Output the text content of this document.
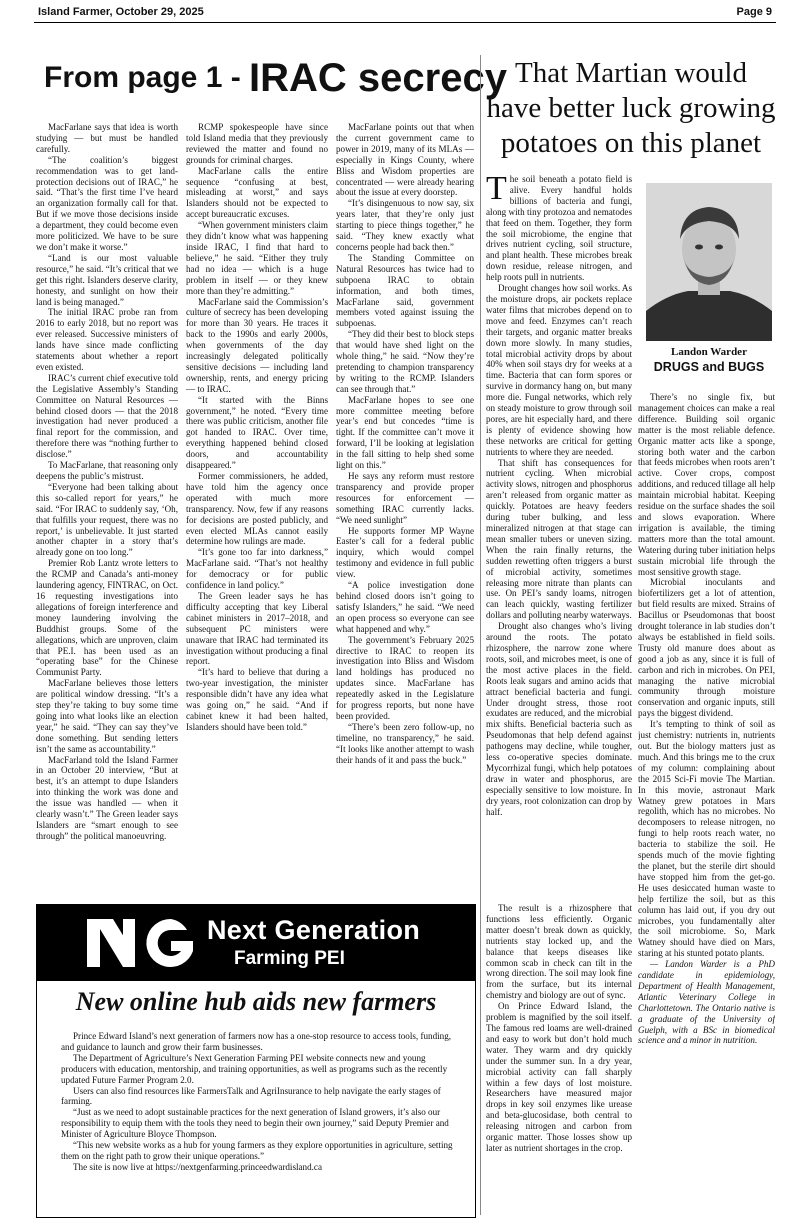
Island Farmer, October 29, 2025	Page 9
From page 1 - IRAC secrecy

MacFarlane says that idea is worth studying — but must be handled carefully.

“The coalition’s biggest recommendation was to get land-protection decisions out of IRAC,” he said. “That’s the first time I’ve heard an organization formally call for that. But if we move those decisions inside a department, they could become even more politicized. We have to be sure we don’t make it worse.”

“Land is our most valuable resource,” he said. “It’s critical that we get this right. Islanders deserve clarity, honesty, and sunlight on how their land is being managed.”

The initial IRAC probe ran from 2016 to early 2018, but no report was ever released. Successive ministers of lands have since made conflicting statements about whether a report even existed.

IRAC’s current chief executive told the Legislative Assembly’s Standing Committee on Natural Resources — behind closed doors — that the 2018 investigation had never produced a final report for the commission, and therefore there was “nothing further to disclose.”

To MacFarlane, that reasoning only deepens the public’s mistrust.

“Everyone had been talking about this so-called report for years,” he said. “For IRAC to suddenly say, ‘Oh, that fulfills your request, there was no report,’ is unbelievable. It just started another chapter in a story that’s already gone on too long.”

Premier Rob Lantz wrote letters to the RCMP and Canada’s anti-money laundering agency, FINTRAC, on Oct. 16 requesting investigations into allegations of foreign interference and money laundering involving the Buddhist groups. Some of the allegations, which are unproven, claim that PE.I. has been used as an “operating base” for the Chinese Communist Party.

MacFarlane believes those letters are political window dressing. “It’s a step they’re taking to buy some time going into what looks like an election year,” he said. “They can say they’ve done something. But sending letters isn’t the same as accountability.”

MacFarland told the Island Farmer in an October 20 interview, “But at best, it’s an attempt to dupe Islanders into thinking the work was done and the issue was handled — when it clearly wasn’t.” The Green leader says Islanders are “smart enough to see through” the political manoeuvring.

RCMP spokespeople have since told Island media that they previously reviewed the matter and found no grounds for criminal charges.

MacFarlane calls the entire sequence “confusing at best, misleading at worst,” and says Islanders should not be expected to accept bureaucratic excuses.

“When government ministers claim they didn’t know what was happening inside IRAC, I find that hard to believe,” he said. “Either they truly had no idea — which is a huge problem in itself — or they knew more than they’re admitting.”

MacFarlane said the Commission’s culture of secrecy has been developing for more than 30 years. He traces it back to the 1990s and early 2000s, when governments of the day increasingly delegated politically sensitive decisions — including land ownership, rents, and energy pricing — to IRAC.

“It started with the Binns government,” he noted. “Every time there was public criticism, another file got handed to IRAC. Over time, everything happened behind closed doors, and accountability disappeared.”

Former commissioners, he added, have told him the agency once operated with much more transparency. Now, few if any reasons for decisions are posted publicly, and even elected MLAs cannot easily determine how rulings are made.

“It’s gone too far into darkness,” MacFarlane said. “That’s not healthy for democracy or for public confidence in land policy.”

The Green leader says he has difficulty accepting that key Liberal cabinet ministers in 2017–2018, and subsequent PC ministers were unaware that IRAC had terminated its investigation without producing a final report.

“It’s hard to believe that during a two-year investigation, the minister responsible didn’t have any idea what was going on,” he said. “And if cabinet knew it had been halted, Islanders should have been told.”

MacFarlane points out that when the current government came to power in 2019, many of its MLAs — especially in Kings County, where Bliss and Wisdom properties are concentrated — were already hearing about the issue at every doorstep.

“It’s disingenuous to now say, six years later, that they’re only just starting to piece things together,” he said. “They knew exactly what concerns people had back then.”

The Standing Committee on Natural Resources has twice had to subpoena IRAC to obtain information, and both times, MacFarlane said, government members voted against issuing the subpoenas.

“They did their best to block steps that would have shed light on the whole thing,” he said. “Now they’re pretending to champion transparency by writing to the RCMP. Islanders can see through that.”

MacFarlane hopes to see one more committee meeting before year’s end but concedes “time is tight. If the committee can’t move it forward, I’ll be looking at legislation in the fall sitting to help shed some light on this.”

He says any reform must restore transparency and provide proper resources for enforcement — something IRAC currently lacks. “We need sunlight”

He supports former MP Wayne Easter’s call for a federal public inquiry, which would compel testimony and evidence in full public view.

“A police investigation done behind closed doors isn’t going to satisfy Islanders,” he said. “We need an open process so everyone can see what happened and why.”

The government’s February 2025 directive to IRAC to reopen its investigation into Bliss and Wisdom land holdings has produced no updates since. MacFarlane has repeatedly asked in the Legislature for progress reports, but none have been provided.

“There’s been zero follow-up, no timeline, no transparency,” he said. “It looks like another attempt to wash their hands of it and pass the buck.”

That Martian would have better luck growing potatoes on this planet

The soil beneath a potato field is alive. Every handful holds billions of bacteria and fungi, along with tiny protozoa and nematodes that feed on them. Together, they form the soil microbiome, the engine that drives nutrient cycling, soil structure, and plant health. These microbes break down residue, release nitrogen, and help roots pull in nutrients.

Drought changes how soil works. As the moisture drops, air pockets replace water films that microbes depend on to move and feed. Enzymes can’t reach their targets, and organic matter breaks down more slowly. In many studies, total microbial activity drops by about 40% when soil stays dry for weeks at a time. Bacteria that can form spores or survive in dormancy hang on, but many more die. Fungal networks, which rely on steady moisture to grow through soil pores, are hit especially hard, and there is plenty of evidence showing how these networks are critical for getting nutrients to where they are needed.

That shift has consequences for nutrient cycling. When microbial activity slows, nitrogen and phosphorus aren’t released from organic matter as quickly. Potatoes are heavy feeders during tuber bulking, and less mineralized nitrogen at that stage can mean smaller tubers or uneven sizing. When the rain finally returns, the sudden rewetting often triggers a burst of microbial activity, sometimes releasing more nitrate than plants can use. On PEI’s sandy loams, nitrogen can leach quickly, wasting fertilizer dollars and polluting nearby waterways.

Drought also changes who’s living around the roots. The potato rhizosphere, the narrow zone where roots, soil, and microbes meet, is one of the most active places in the field. Roots leak sugars and amino acids that attract beneficial bacteria and fungi. Under drought stress, those root exudates are reduced, and the microbial mix shifts. Beneficial bacteria such as Pseudomonas that help defend against pathogens may decline, while tougher, less co-operative species dominate. Mycorrhizal fungi, which help potatoes draw in water and phosphorus, are especially sensitive to low moisture. In dry years, root colonization can drop by half.

The result is a rhizosphere that functions less efficiently. Organic matter doesn’t break down as quickly, nutrients stay locked up, and the balance that keeps diseases like common scab in check can tilt in the wrong direction. The soil may look fine from the surface, but its internal chemistry and biology are out of sync.

On Prince Edward Island, the problem is magnified by the soil itself. The famous red loams are well-drained and easy to work but don’t hold much water. They warm and dry quickly under the summer sun. In a dry year, microbial activity can fall sharply within a few days of lost moisture. Researchers have measured major drops in key soil enzymes like urease and beta-glucosidase, both central to releasing nitrogen and carbon from organic matter. Those losses show up later as nutrient shortages in the crop.

Landon Warder
DRUGS and BUGS

There’s no single fix, but management choices can make a real difference. Building soil organic matter is the most reliable defence. Organic matter acts like a sponge, storing both water and the carbon that feeds microbes when roots aren’t active. Cover crops, compost additions, and reduced tillage all help maintain microbial habitat. Keeping residue on the surface shades the soil and slows evaporation. Where irrigation is available, the timing matters more than the total amount. Watering during tuber initiation helps sustain microbial life through the most sensitive growth stage.

Microbial inoculants and biofertilizers get a lot of attention, but field results are mixed. Strains of Bacillus or Pseudomonas that boost drought tolerance in lab studies don’t always be established in field soils. Trusty old manure does about as good a job as any, since it is full of carbon and rich in microbes. On PEI, managing the native microbial community through moisture conservation and organic inputs, still pays the biggest dividend.

It’s tempting to think of soil as just chemistry: nutrients in, nutrients out. But the biology matters just as much. And this brings me to the crux of my column: complaining about the 2015 Sci-Fi movie The Martian. In this movie, astronaut Mark Watney grew potatoes in Mars regolith, which has no microbes. No decomposers to release nitrogen, no fungi to help roots reach water, no bacteria to stabilize the soil. He spends much of the movie fighting the planet, but the sterile dirt should have stopped him from the get-go. He uses desiccated human waste to help fertilize the soil, but as this column has laid out, if you dry out microbes, you fundamentally alter the soil microbiome. So, Mark Watney should have died on Mars, staring at his stunted potato plants.

— Landon Warder is a PhD candidate in epidemiology, Department of Health Management, Atlantic Veterinary College in Charlottetown. The Ontario native is a graduate of the University of Guelph, with a BSc in biomedical science and a minor in nutrition.

Next Generation
Farming PEI
New online hub aids new farmers

Prince Edward Island’s next generation of farmers now has a one-stop resource to access tools, funding, and guidance to launch and grow their farm businesses.

The Department of Agriculture’s Next Generation Farming PEI website connects new and young producers with education, mentorship, and training opportunities, as well as programs such as the recently updated Future Farmer Program 2.0.

Users can also find resources like FarmersTalk and AgriInsurance to help navigate the early stages of farming.

“Just as we need to adopt sustainable practices for the next generation of Island growers, it’s also our responsibility to equip them with the tools they need to begin their own journey,” said Deputy Premier and Minister of Agriculture Bloyce Thompson.

“This new website works as a hub for young farmers as they explore opportunities in agriculture, setting them on the right path to grow their unique operations.”

The site is now live at https://nextgenfarming.princeedwardisland.ca
